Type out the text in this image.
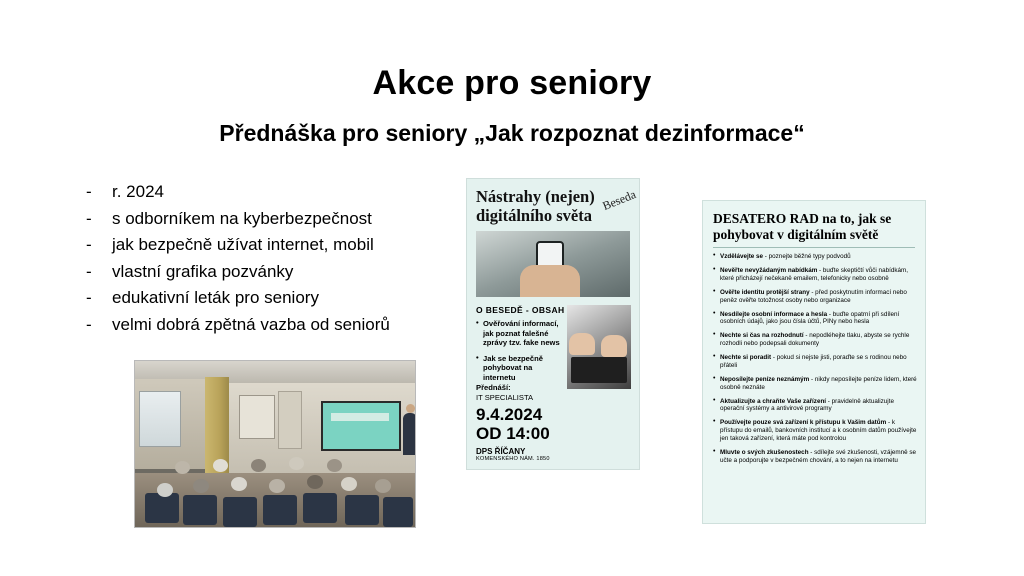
Akce pro seniory
Přednáška pro seniory „Jak rozpoznat dezinformace“
-	r. 2024
-	s odborníkem na kyberbezpečnost
-	jak bezpečně užívat internet, mobil
-	vlastní grafika pozvánky
-	edukativní leták pro seniory
-	velmi dobrá zpětná vazba od seniorů
Nástrahy (nejen) digitálního světa
Beseda
O BESEDĚ - OBSAH
• Ověřování informací, jak poznat falešné zprávy tzv. fake news
• Jak se bezpečně pohybovat na internetu
Přednáší:
IT SPECIALISTA
9.4.2024
OD 14:00
DPS ŘÍČANY
KOMENSKÉHO NÁM. 1850
DESATERO RAD na to, jak se pohybovat v digitálním světě
• Vzdělávejte se - poznejte běžné typy podvodů
• Nevěřte nevyžádaným nabídkám - buďte skeptičtí vůči nabídkám, které přicházejí nečekaně emailem, telefonicky nebo osobně
• Ověřte identitu protější strany - před poskytnutím informací nebo peněz ověřte totožnost osoby nebo organizace
• Nesdílejte osobní informace a hesla - buďte opatrní při sdílení osobních údajů, jako jsou čísla účtů, PINy nebo hesla
• Nechte si čas na rozhodnutí - nepodléhejte tlaku, abyste se rychle rozhodli nebo podepsali dokumenty
• Nechte si poradit - pokud si nejste jisti, poraďte se s rodinou nebo přáteli
• Neposílejte peníze neznámým - nikdy neposílejte peníze lidem, které osobně neznáte
• Aktualizujte a chraňte Vaše zařízení - pravidelně aktualizujte operační systémy a antivirové programy
• Používejte pouze svá zařízení k přístupu k Vašim datům - k přístupu do emailů, bankovních institucí a k osobním datům používejte jen taková zařízení, která máte pod kontrolou
• Mluvte o svých zkušenostech - sdílejte své zkušenosti, vzájemně se učte a podporujte v bezpečném chování, a to nejen na internetu
